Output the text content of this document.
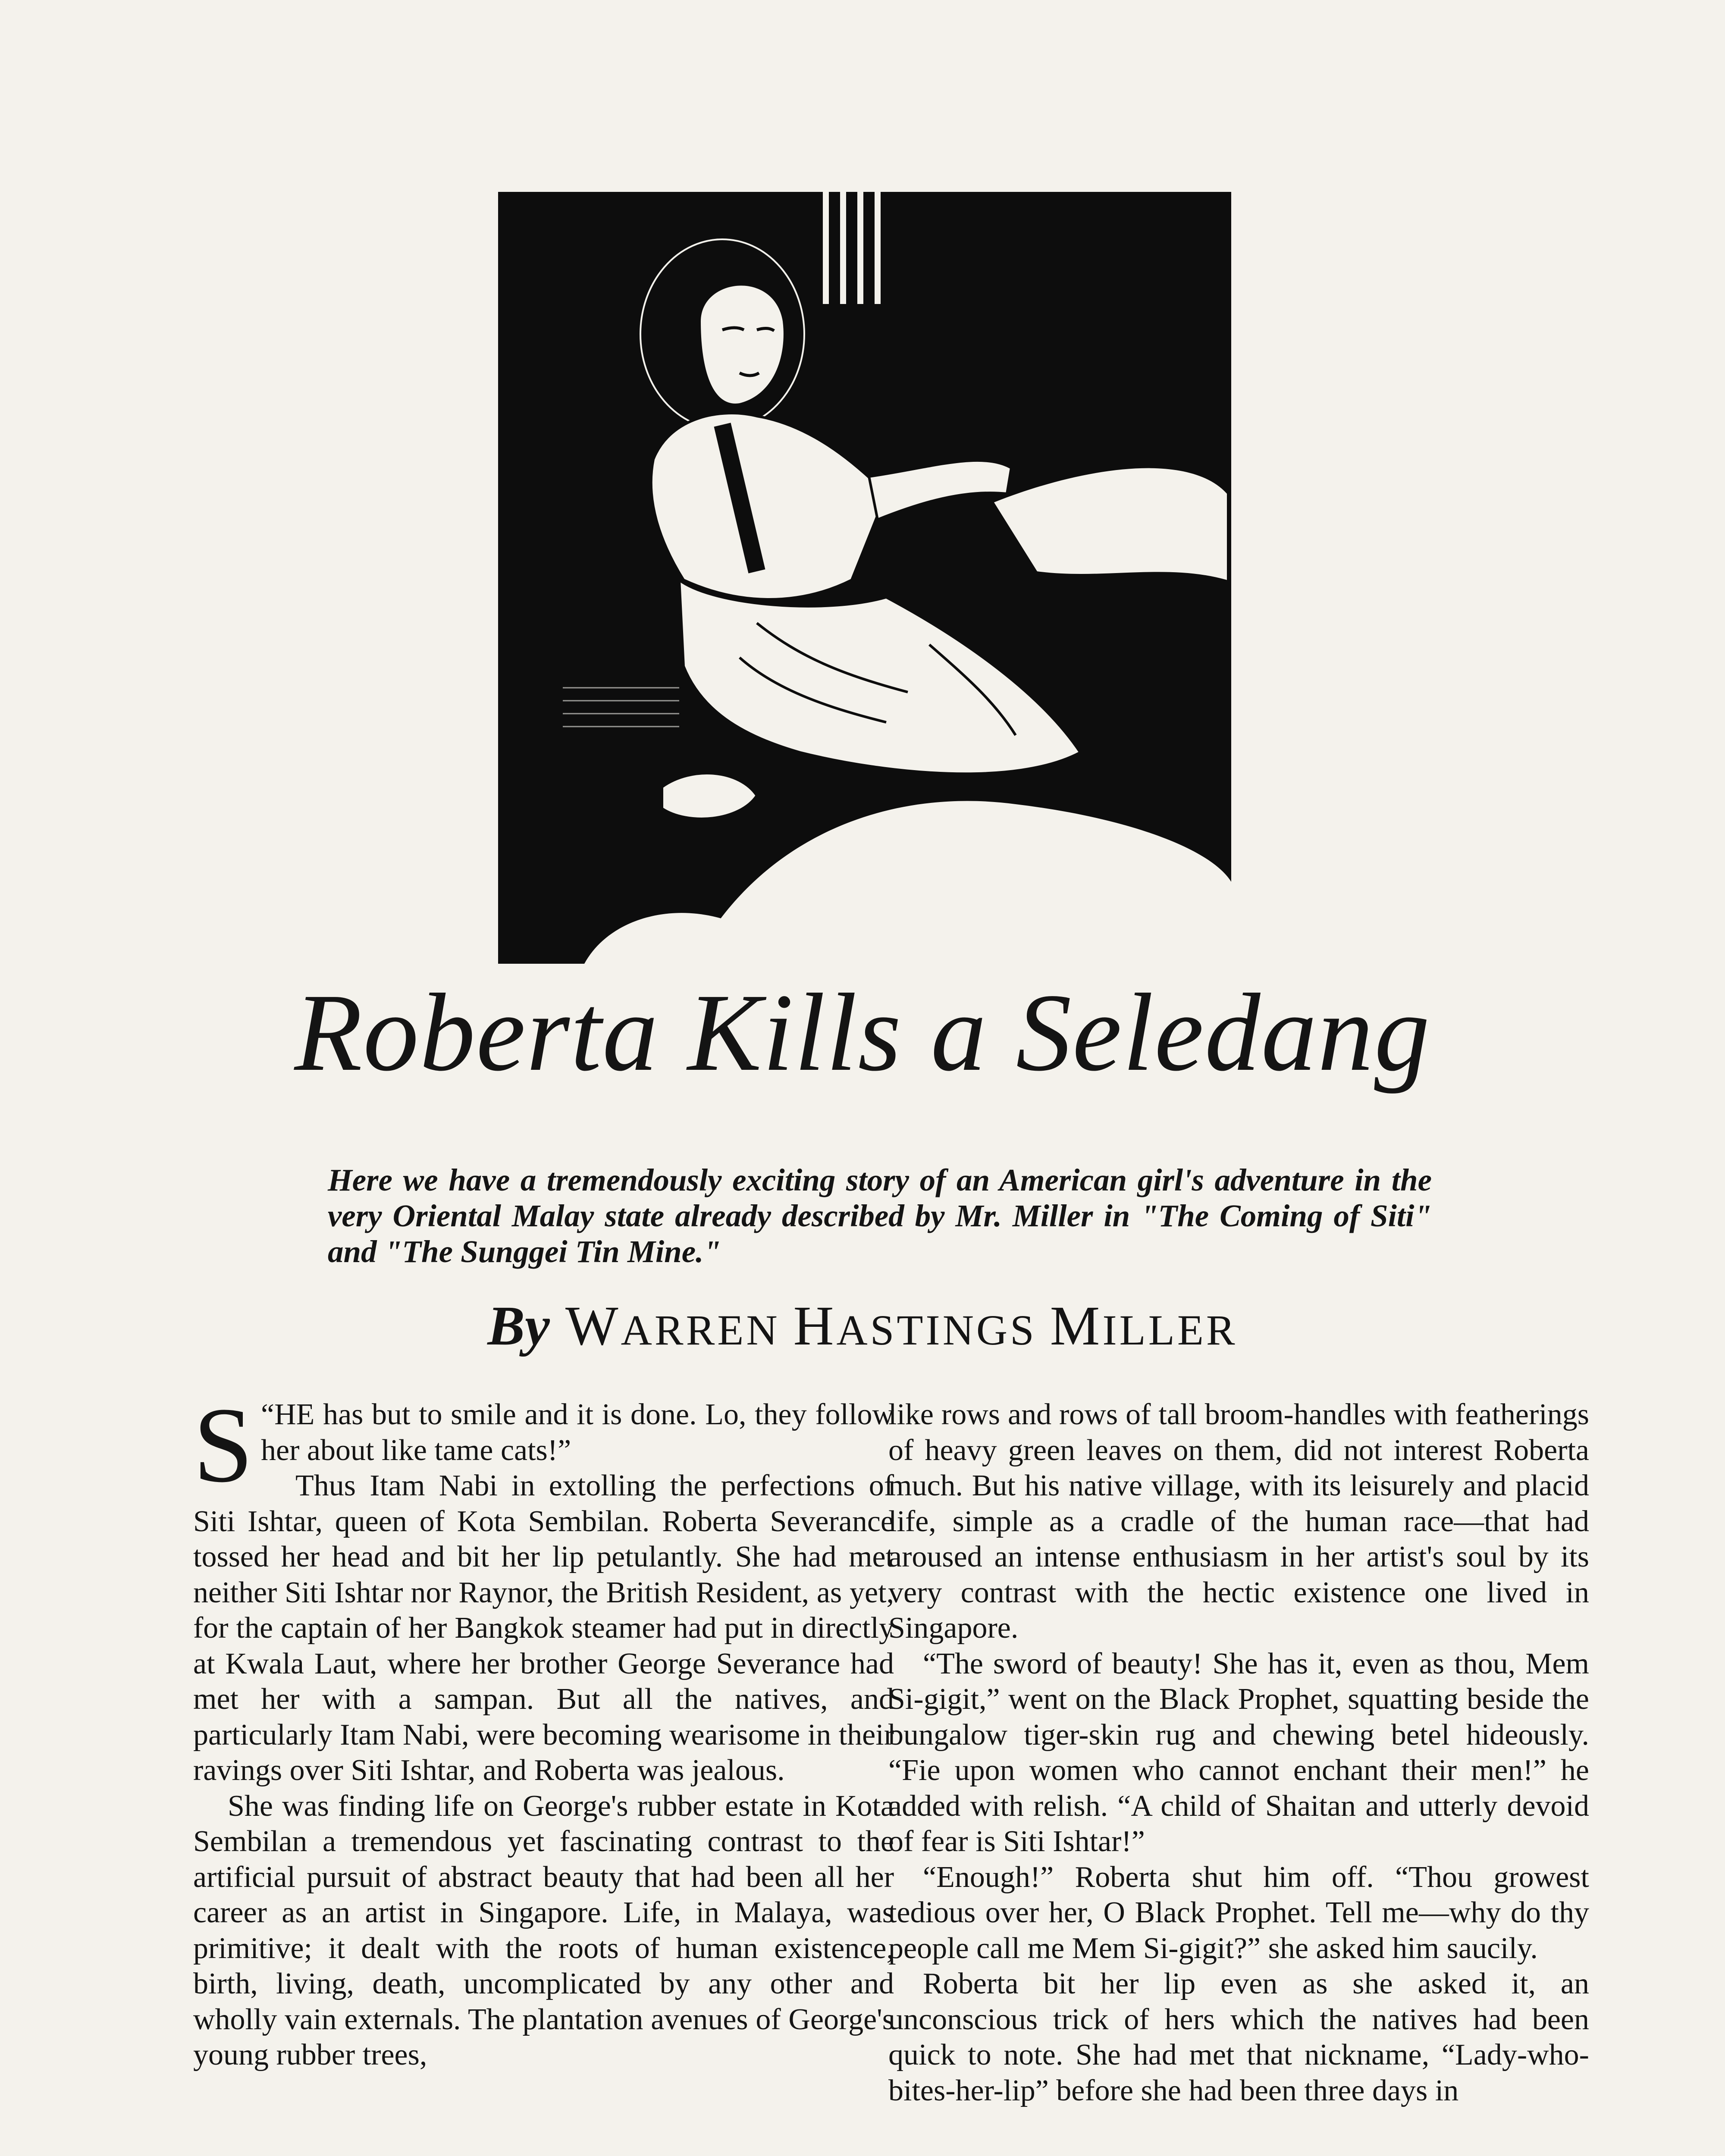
Roberta Kills a Seledang
Here we have a tremendously exciting story of an American girl's adventure in the very Oriental Malay state already described by Mr. Miller in "The Coming of Siti" and "The Sunggei Tin Mine."
By WARREN HASTINGS MILLER

“
S HE has but to smile and it is done. Lo, they follow her about like tame cats!”

Thus Itam Nabi in extolling the perfections of Siti Ishtar, queen of Kota Sembilan. Roberta Severance tossed her head and bit her lip petulantly. She had met neither Siti Ishtar nor Raynor, the British Resident, as yet, for the captain of her Bangkok steamer had put in directly at Kwala Laut, where her brother George Severance had met her with a sampan. But all the natives, and particularly Itam Nabi, were becoming wearisome in their ravings over Siti Ishtar, and Roberta was jealous.

She was finding life on George's rubber estate in Kota Sembilan a tremendous yet fascinating contrast to the artificial pursuit of abstract beauty that had been all her career as an artist in Singapore. Life, in Malaya, was primitive; it dealt with the roots of human existence, birth, living, death, uncomplicated by any other and wholly vain externals. The plantation avenues of George's young rubber trees,

like rows and rows of tall broom-handles with featherings of heavy green leaves on them, did not interest Roberta much. But his native village, with its leisurely and placid life, simple as a cradle of the human race—that had aroused an intense enthusiasm in her artist's soul by its very contrast with the hectic existence one lived in Singapore.

“The sword of beauty! She has it, even as thou, Mem Si-gigit,” went on the Black Prophet, squatting beside the bungalow tiger-skin rug and chewing betel hideously. “Fie upon women who cannot enchant their men!” he added with relish. “A child of Shaitan and utterly devoid of fear is Siti Ishtar!”

“Enough!” Roberta shut him off. “Thou growest tedious over her, O Black Prophet. Tell me—why do thy people call me Mem Si-gigit?” she asked him saucily.

Roberta bit her lip even as she asked it, an unconscious trick of hers which the natives had been quick to note. She had met that nickname, “Lady-who-bites-her-lip” before she had been three days in
